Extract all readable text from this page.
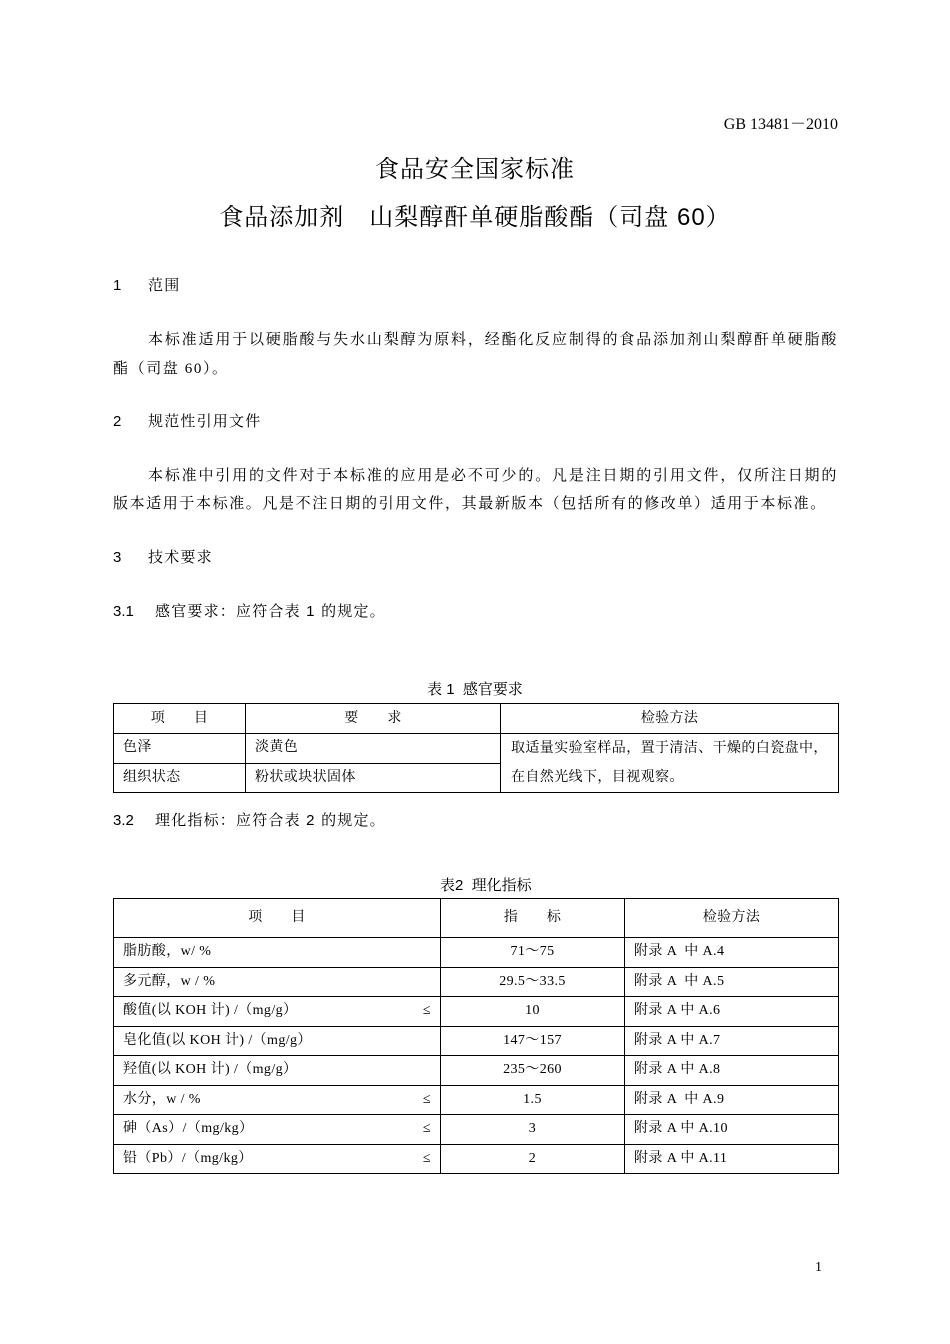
GB 13481－2010
食品安全国家标准
食品添加剂　山梨醇酐单硬脂酸酯（司盘 60）
1 范围

本标准适用于以硬脂酸与失水山梨醇为原料，经酯化反应制得的食品添加剂山梨醇酐单硬脂酸酯（司盘 60）。

2 规范性引用文件

本标准中引用的文件对于本标准的应用是必不可少的。凡是注日期的引用文件，仅所注日期的版本适用于本标准。凡是不注日期的引用文件，其最新版本（包括所有的修改单）适用于本标准。

3 技术要求
3.1 感官要求：应符合表 1 的规定。
表 1  感官要求
项　　目	要　　求	检验方法
色泽	淡黄色	取适量实验室样品，置于清洁、干燥的白瓷盘中，在自然光线下，目视观察。
组织状态	粉状或块状固体	
3.2 理化指标：应符合表 2 的规定。
表2  理化指标
项　　目	指　　标	检验方法

脂肪酸，w/ %	71～75	附录 A  中 A.4

多元醇，w / %	29.5～33.5	附录 A  中 A.5

酸值(以 KOH 计) /（mg/g） ≤	10	附录 A 中 A.6

皂化值(以 KOH 计) /（mg/g）	147～157	附录 A 中 A.7

羟值(以 KOH 计) /（mg/g）	235～260	附录 A 中 A.8

水分，w / % ≤	1.5	附录 A  中 A.9

砷（As）/（mg/kg） ≤	3	附录 A 中 A.10

铅（Pb）/（mg/kg） ≤	2	附录 A 中 A.11
1
